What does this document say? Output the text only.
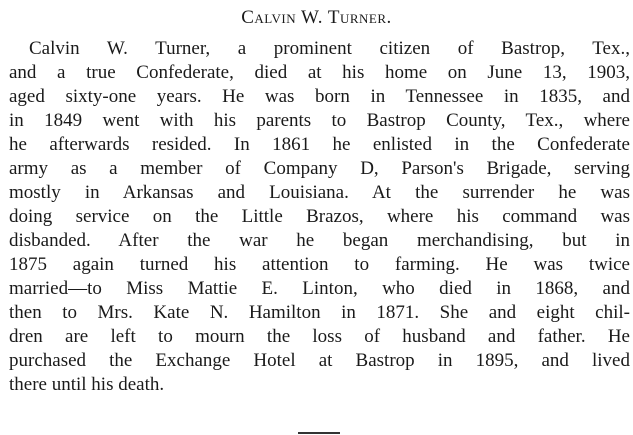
Calvin W. Turner.
Calvin W. Turner, a prominent citizen of Bastrop, Tex.,
and a true Confederate, died at his home on June 13, 1903,
aged sixty-one years. He was born in Tennessee in 1835, and
in 1849 went with his parents to Bastrop County, Tex., where
he afterwards resided. In 1861 he enlisted in the Confederate
army as a member of Company D, Parson's Brigade, serving
mostly in Arkansas and Louisiana. At the surrender he was
doing service on the Little Brazos, where his command was
disbanded. After the war he began merchandising, but in
1875 again turned his attention to farming. He was twice
married—to Miss Mattie E. Linton, who died in 1868, and
then to Mrs. Kate N. Hamilton in 1871. She and eight chil-
dren are left to mourn the loss of husband and father. He
purchased the Exchange Hotel at Bastrop in 1895, and lived
there until his death.
